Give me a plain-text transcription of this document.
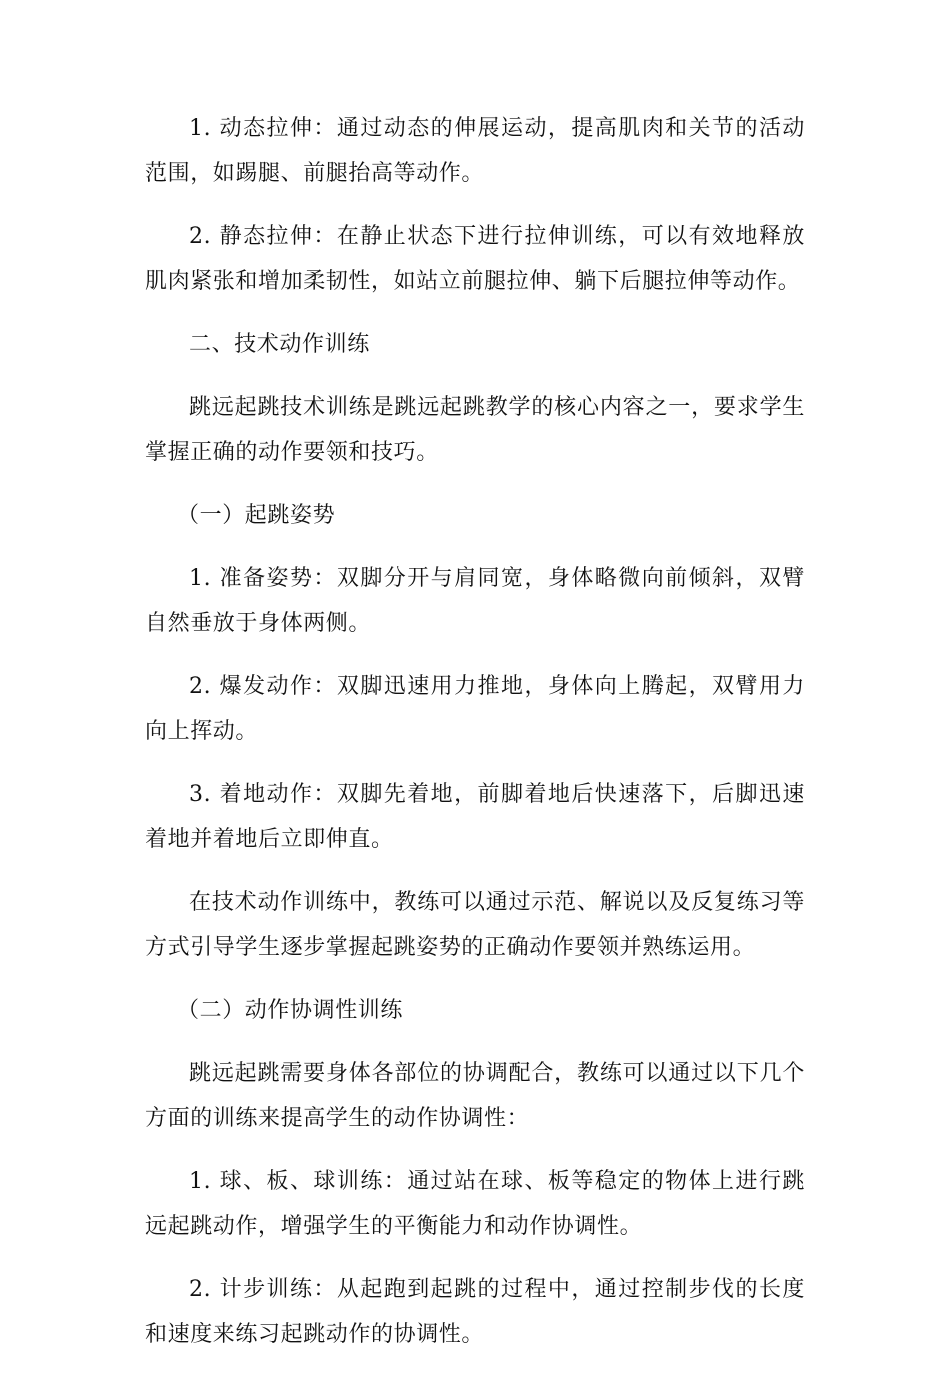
1. 动态拉伸：通过动态的伸展运动，提高肌肉和关节的活动范围，如踢腿、前腿抬高等动作。

2. 静态拉伸：在静止状态下进行拉伸训练，可以有效地释放肌肉紧张和增加柔韧性，如站立前腿拉伸、躺下后腿拉伸等动作。

二、技术动作训练

跳远起跳技术训练是跳远起跳教学的核心内容之一，要求学生掌握正确的动作要领和技巧。

（一）起跳姿势

1. 准备姿势：双脚分开与肩同宽，身体略微向前倾斜，双臂自然垂放于身体两侧。

2. 爆发动作：双脚迅速用力推地，身体向上腾起，双臂用力向上挥动。

3. 着地动作：双脚先着地，前脚着地后快速落下，后脚迅速着地并着地后立即伸直。

在技术动作训练中，教练可以通过示范、解说以及反复练习等方式引导学生逐步掌握起跳姿势的正确动作要领并熟练运用。

（二）动作协调性训练

跳远起跳需要身体各部位的协调配合，教练可以通过以下几个方面的训练来提高学生的动作协调性：

1. 球、板、球训练：通过站在球、板等稳定的物体上进行跳远起跳动作，增强学生的平衡能力和动作协调性。

2. 计步训练：从起跑到起跳的过程中，通过控制步伐的长度和速度来练习起跳动作的协调性。
